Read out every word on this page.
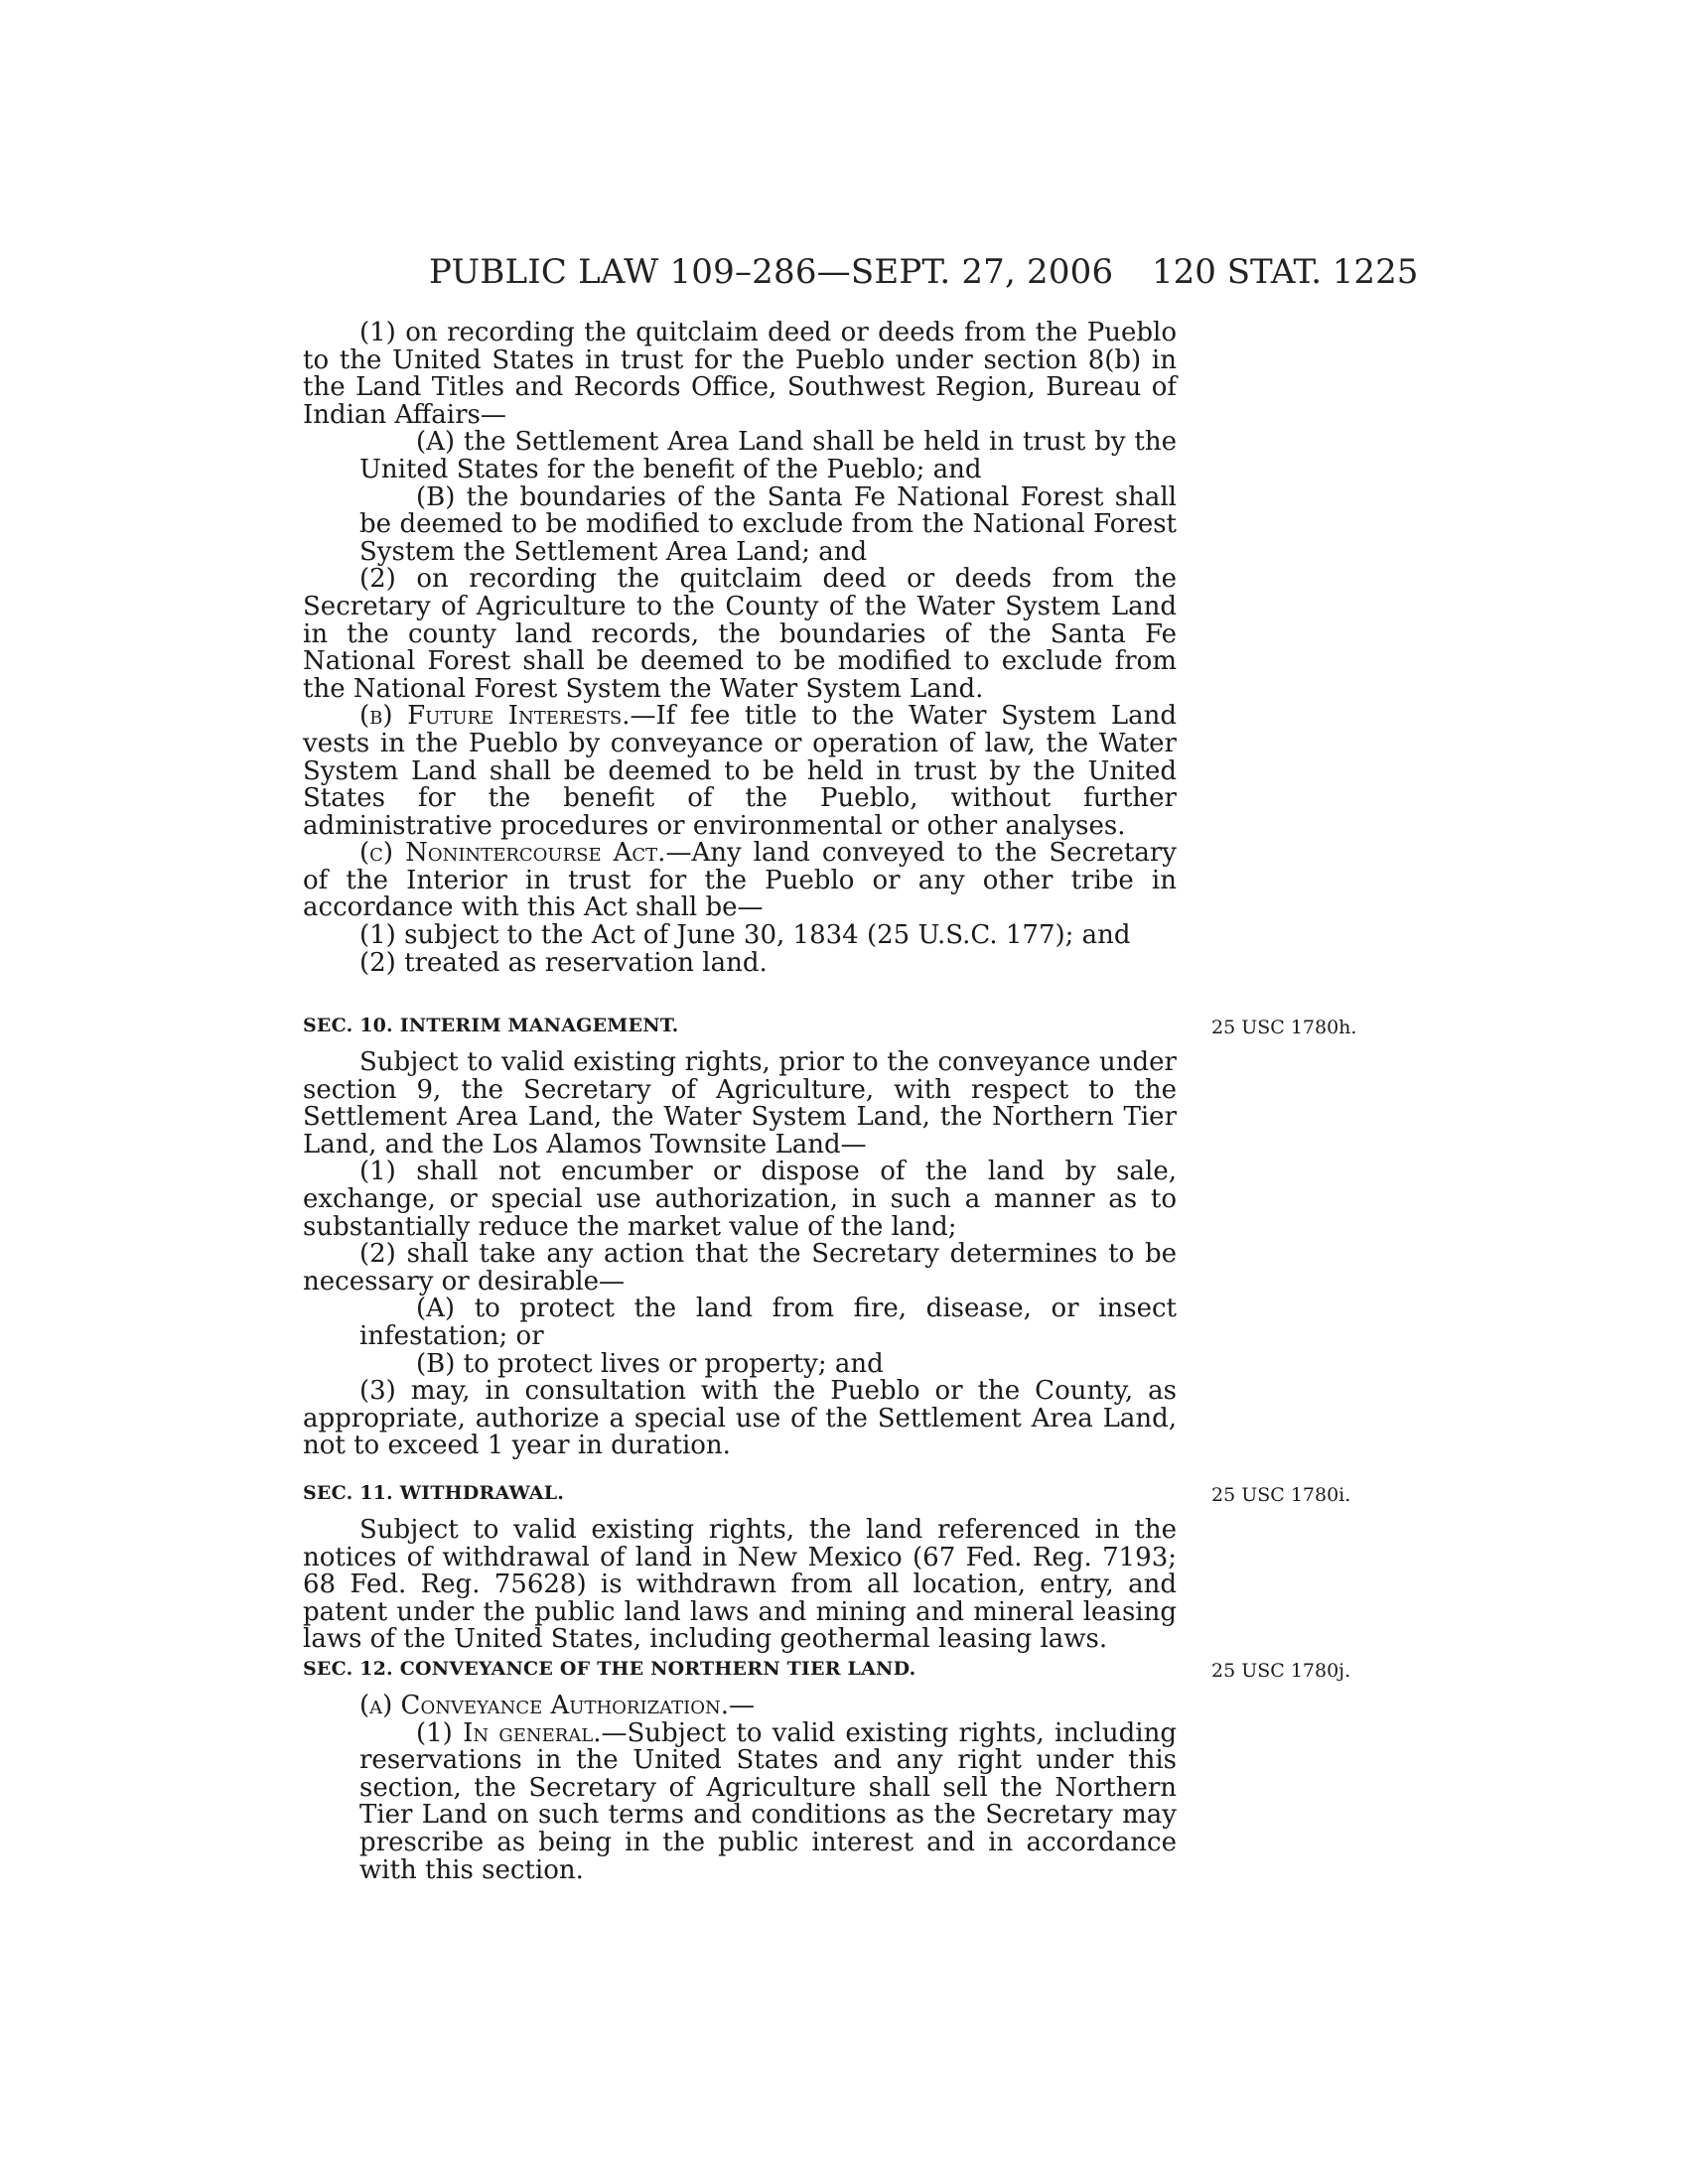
PUBLIC LAW 109–286—SEPT. 27, 2006 120 STAT. 1225

(1) on recording the quitclaim deed or deeds from the Pueblo to the United States in trust for the Pueblo under section 8(b) in the Land Titles and Records Office, Southwest Region, Bureau of Indian Affairs—

(A) the Settlement Area Land shall be held in trust by the United States for the benefit of the Pueblo; and

(B) the boundaries of the Santa Fe National Forest shall be deemed to be modified to exclude from the National Forest System the Settlement Area Land; and

(2) on recording the quitclaim deed or deeds from the Secretary of Agriculture to the County of the Water System Land in the county land records, the boundaries of the Santa Fe National Forest shall be deemed to be modified to exclude from the National Forest System the Water System Land.

(b) Future Interests.—If fee title to the Water System Land vests in the Pueblo by conveyance or operation of law, the Water System Land shall be deemed to be held in trust by the United States for the benefit of the Pueblo, without further administrative procedures or environmental or other analyses.

(c) Nonintercourse Act.—Any land conveyed to the Secretary of the Interior in trust for the Pueblo or any other tribe in accordance with this Act shall be—

(1) subject to the Act of June 30, 1834 (25 U.S.C. 177); and

(2) treated as reservation land.

SEC. 10. INTERIM MANAGEMENT.	25 USC 1780h.

Subject to valid existing rights, prior to the conveyance under section 9, the Secretary of Agriculture, with respect to the Settlement Area Land, the Water System Land, the Northern Tier Land, and the Los Alamos Townsite Land—

(1) shall not encumber or dispose of the land by sale, exchange, or special use authorization, in such a manner as to substantially reduce the market value of the land;

(2) shall take any action that the Secretary determines to be necessary or desirable—

(A) to protect the land from fire, disease, or insect infestation; or

(B) to protect lives or property; and

(3) may, in consultation with the Pueblo or the County, as appropriate, authorize a special use of the Settlement Area Land, not to exceed 1 year in duration.

SEC. 11. WITHDRAWAL.	25 USC 1780i.

Subject to valid existing rights, the land referenced in the notices of withdrawal of land in New Mexico (67 Fed. Reg. 7193; 68 Fed. Reg. 75628) is withdrawn from all location, entry, and patent under the public land laws and mining and mineral leasing laws of the United States, including geothermal leasing laws.

SEC. 12. CONVEYANCE OF THE NORTHERN TIER LAND.	25 USC 1780j.

(a) Conveyance Authorization.—

(1) In general.—Subject to valid existing rights, including reservations in the United States and any right under this section, the Secretary of Agriculture shall sell the Northern Tier Land on such terms and conditions as the Secretary may prescribe as being in the public interest and in accordance with this section.
